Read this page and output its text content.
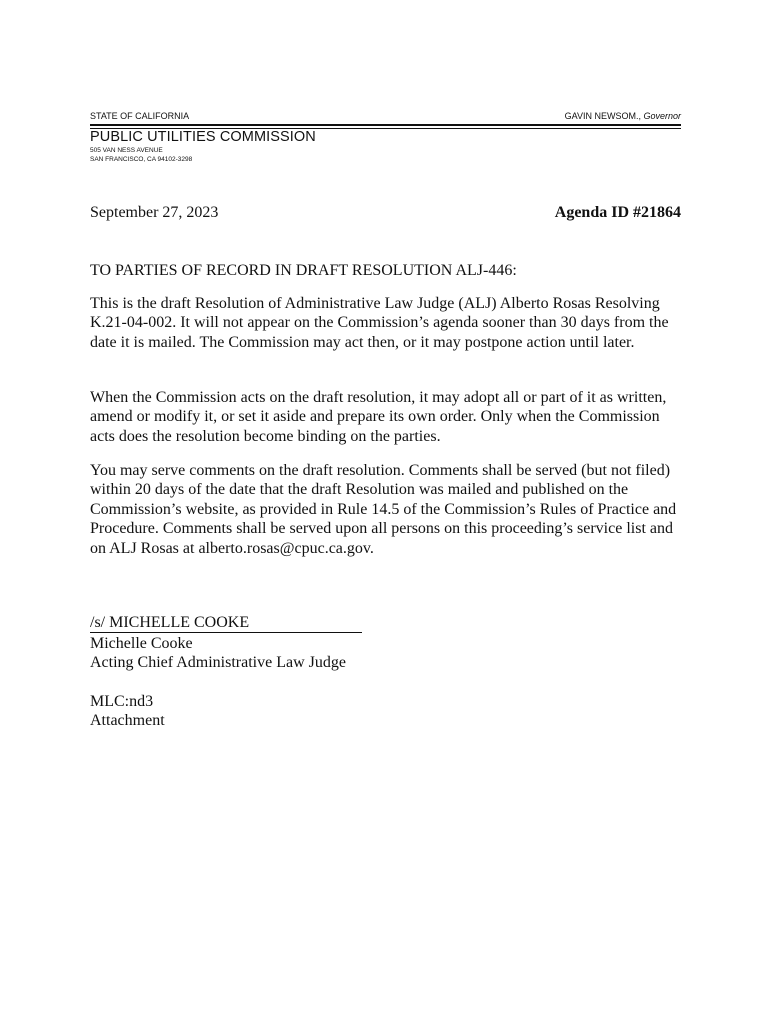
STATE OF CALIFORNIA	GAVIN NEWSOM., Governor
PUBLIC UTILITIES COMMISSION
505 VAN NESS AVENUE
SAN FRANCISCO, CA 94102-3298
September 27, 2023	Agenda ID #21864
TO PARTIES OF RECORD IN DRAFT RESOLUTION ALJ-446:

This is the draft Resolution of Administrative Law Judge (ALJ) Alberto Rosas Resolving K.21-04-002. It will not appear on the Commission’s agenda sooner than 30 days from the date it is mailed. The Commission may act then, or it may postpone action until later.

When the Commission acts on the draft resolution, it may adopt all or part of it as written, amend or modify it, or set it aside and prepare its own order. Only when the Commission acts does the resolution become binding on the parties.

You may serve comments on the draft resolution. Comments shall be served (but not filed) within 20 days of the date that the draft Resolution was mailed and published on the Commission’s website, as provided in Rule 14.5 of the Commission’s Rules of Practice and Procedure. Comments shall be served upon all persons on this proceeding’s service list and on ALJ Rosas at alberto.rosas@cpuc.ca.gov.

/s/ MICHELLE COOKE
Michelle Cooke
Acting Chief Administrative Law Judge
MLC:nd3
Attachment
